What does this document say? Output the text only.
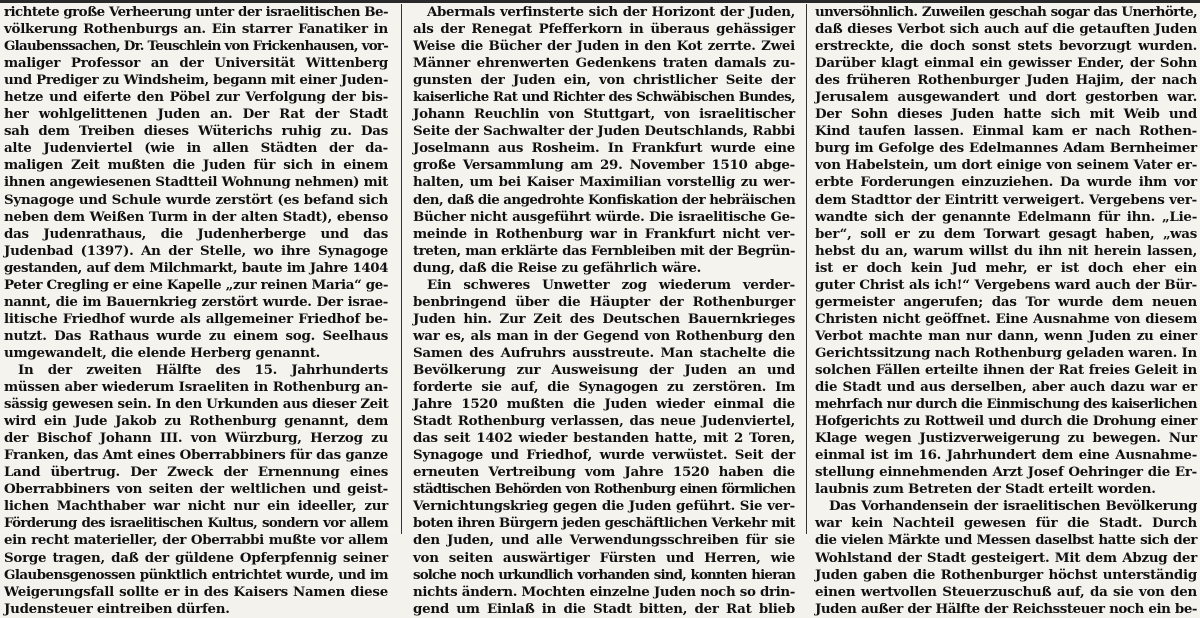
richtete große Verheerung unter der israelitischen Be-
völkerung Rothenburgs an. Ein starrer Fanatiker in
Glaubenssachen, Dr. Teuschlein von Frickenhausen, vor-
maliger Professor an der Universität Wittenberg
und Prediger zu Windsheim, begann mit einer Juden-
hetze und eiferte den Pöbel zur Verfolgung der bis-
her wohlgelittenen Juden an. Der Rat der Stadt
sah dem Treiben dieses Wüterichs ruhig zu. Das
alte Judenviertel (wie in allen Städten der da-
maligen Zeit mußten die Juden für sich in einem
ihnen angewiesenen Stadtteil Wohnung nehmen) mit
Synagoge und Schule wurde zerstört (es befand sich
neben dem Weißen Turm in der alten Stadt), ebenso
das Judenrathaus, die Judenherberge und das
Judenbad (1397). An der Stelle, wo ihre Synagoge
gestanden, auf dem Milchmarkt, baute im Jahre 1404
Peter Cregling er eine Kapelle „zur reinen Maria“ ge-
nannt, die im Bauernkrieg zerstört wurde. Der israe-
litische Friedhof wurde als allgemeiner Friedhof be-
nutzt. Das Rathaus wurde zu einem sog. Seelhaus
umgewandelt, die elende Herberg genannt.
In der zweiten Hälfte des 15. Jahrhunderts
müssen aber wiederum Israeliten in Rothenburg an-
sässig gewesen sein. In den Urkunden aus dieser Zeit
wird ein Jude Jakob zu Rothenburg genannt, dem
der Bischof Johann III. von Würzburg, Herzog zu
Franken, das Amt eines Oberrabbiners für das ganze
Land übertrug. Der Zweck der Ernennung eines
Oberrabbiners von seiten der weltlichen und geist-
lichen Machthaber war nicht nur ein ideeller, zur
Förderung des israelitischen Kultus, sondern vor allem
ein recht materieller, der Oberrabbi mußte vor allem
Sorge tragen, daß der güldene Opferpfennig seiner
Glaubensgenossen pünktlich entrichtet wurde, und im
Weigerungsfall sollte er in des Kaisers Namen diese
Judensteuer eintreiben dürfen.
Abermals verfinsterte sich der Horizont der Juden,
als der Renegat Pfefferkorn in überaus gehässiger
Weise die Bücher der Juden in den Kot zerrte. Zwei
Männer ehrenwerten Gedenkens traten damals zu-
gunsten der Juden ein, von christlicher Seite der
kaiserliche Rat und Richter des Schwäbischen Bundes,
Johann Reuchlin von Stuttgart, von israelitischer
Seite der Sachwalter der Juden Deutschlands, Rabbi
Joselmann aus Rosheim. In Frankfurt wurde eine
große Versammlung am 29. November 1510 abge-
halten, um bei Kaiser Maximilian vorstellig zu wer-
den, daß die angedrohte Konfiskation der hebräischen
Bücher nicht ausgeführt würde. Die israelitische Ge-
meinde in Rothenburg war in Frankfurt nicht ver-
treten, man erklärte das Fernbleiben mit der Begrün-
dung, daß die Reise zu gefährlich wäre.
Ein schweres Unwetter zog wiederum verder-
benbringend über die Häupter der Rothenburger
Juden hin. Zur Zeit des Deutschen Bauernkrieges
war es, als man in der Gegend von Rothenburg den
Samen des Aufruhrs ausstreute. Man stachelte die
Bevölkerung zur Ausweisung der Juden an und
forderte sie auf, die Synagogen zu zerstören. Im
Jahre 1520 mußten die Juden wieder einmal die
Stadt Rothenburg verlassen, das neue Judenviertel,
das seit 1402 wieder bestanden hatte, mit 2 Toren,
Synagoge und Friedhof, wurde verwüstet. Seit der
erneuten Vertreibung vom Jahre 1520 haben die
städtischen Behörden von Rothenburg einen förmlichen
Vernichtungskrieg gegen die Juden geführt. Sie ver-
boten ihren Bürgern jeden geschäftlichen Verkehr mit
den Juden, und alle Verwendungsschreiben für sie
von seiten auswärtiger Fürsten und Herren, wie
solche noch urkundlich vorhanden sind, konnten hieran
nichts ändern. Mochten einzelne Juden noch so drin-
gend um Einlaß in die Stadt bitten, der Rat blieb
unversöhnlich. Zuweilen geschah sogar das Unerhörte,
daß dieses Verbot sich auch auf die getauften Juden
erstreckte, die doch sonst stets bevorzugt wurden.
Darüber klagt einmal ein gewisser Ender, der Sohn
des früheren Rothenburger Juden Hajim, der nach
Jerusalem ausgewandert und dort gestorben war.
Der Sohn dieses Juden hatte sich mit Weib und
Kind taufen lassen. Einmal kam er nach Rothen-
burg im Gefolge des Edelmannes Adam Bernheimer
von Habelstein, um dort einige von seinem Vater er-
erbte Forderungen einzuziehen. Da wurde ihm vor
dem Stadttor der Eintritt verweigert. Vergebens ver-
wandte sich der genannte Edelmann für ihn. „Lie-
ber“, soll er zu dem Torwart gesagt haben, „was
hebst du an, warum willst du ihn nit herein lassen,
ist er doch kein Jud mehr, er ist doch eher ein
guter Christ als ich!“ Vergebens ward auch der Bür-
germeister angerufen; das Tor wurde dem neuen
Christen nicht geöffnet. Eine Ausnahme von diesem
Verbot machte man nur dann, wenn Juden zu einer
Gerichtssitzung nach Rothenburg geladen waren. In
solchen Fällen erteilte ihnen der Rat freies Geleit in
die Stadt und aus derselben, aber auch dazu war er
mehrfach nur durch die Einmischung des kaiserlichen
Hofgerichts zu Rottweil und durch die Drohung einer
Klage wegen Justizverweigerung zu bewegen. Nur
einmal ist im 16. Jahrhundert dem eine Ausnahme-
stellung einnehmenden Arzt Josef Oehringer die Er-
laubnis zum Betreten der Stadt erteilt worden.
Das Vorhandensein der israelitischen Bevölkerung
war kein Nachteil gewesen für die Stadt. Durch
die vielen Märkte und Messen daselbst hatte sich der
Wohlstand der Stadt gesteigert. Mit dem Abzug der
Juden gaben die Rothenburger höchst unterständig
einen wertvollen Steuerzuschuß auf, da sie von den
Juden außer der Hälfte der Reichssteuer noch ein be-
